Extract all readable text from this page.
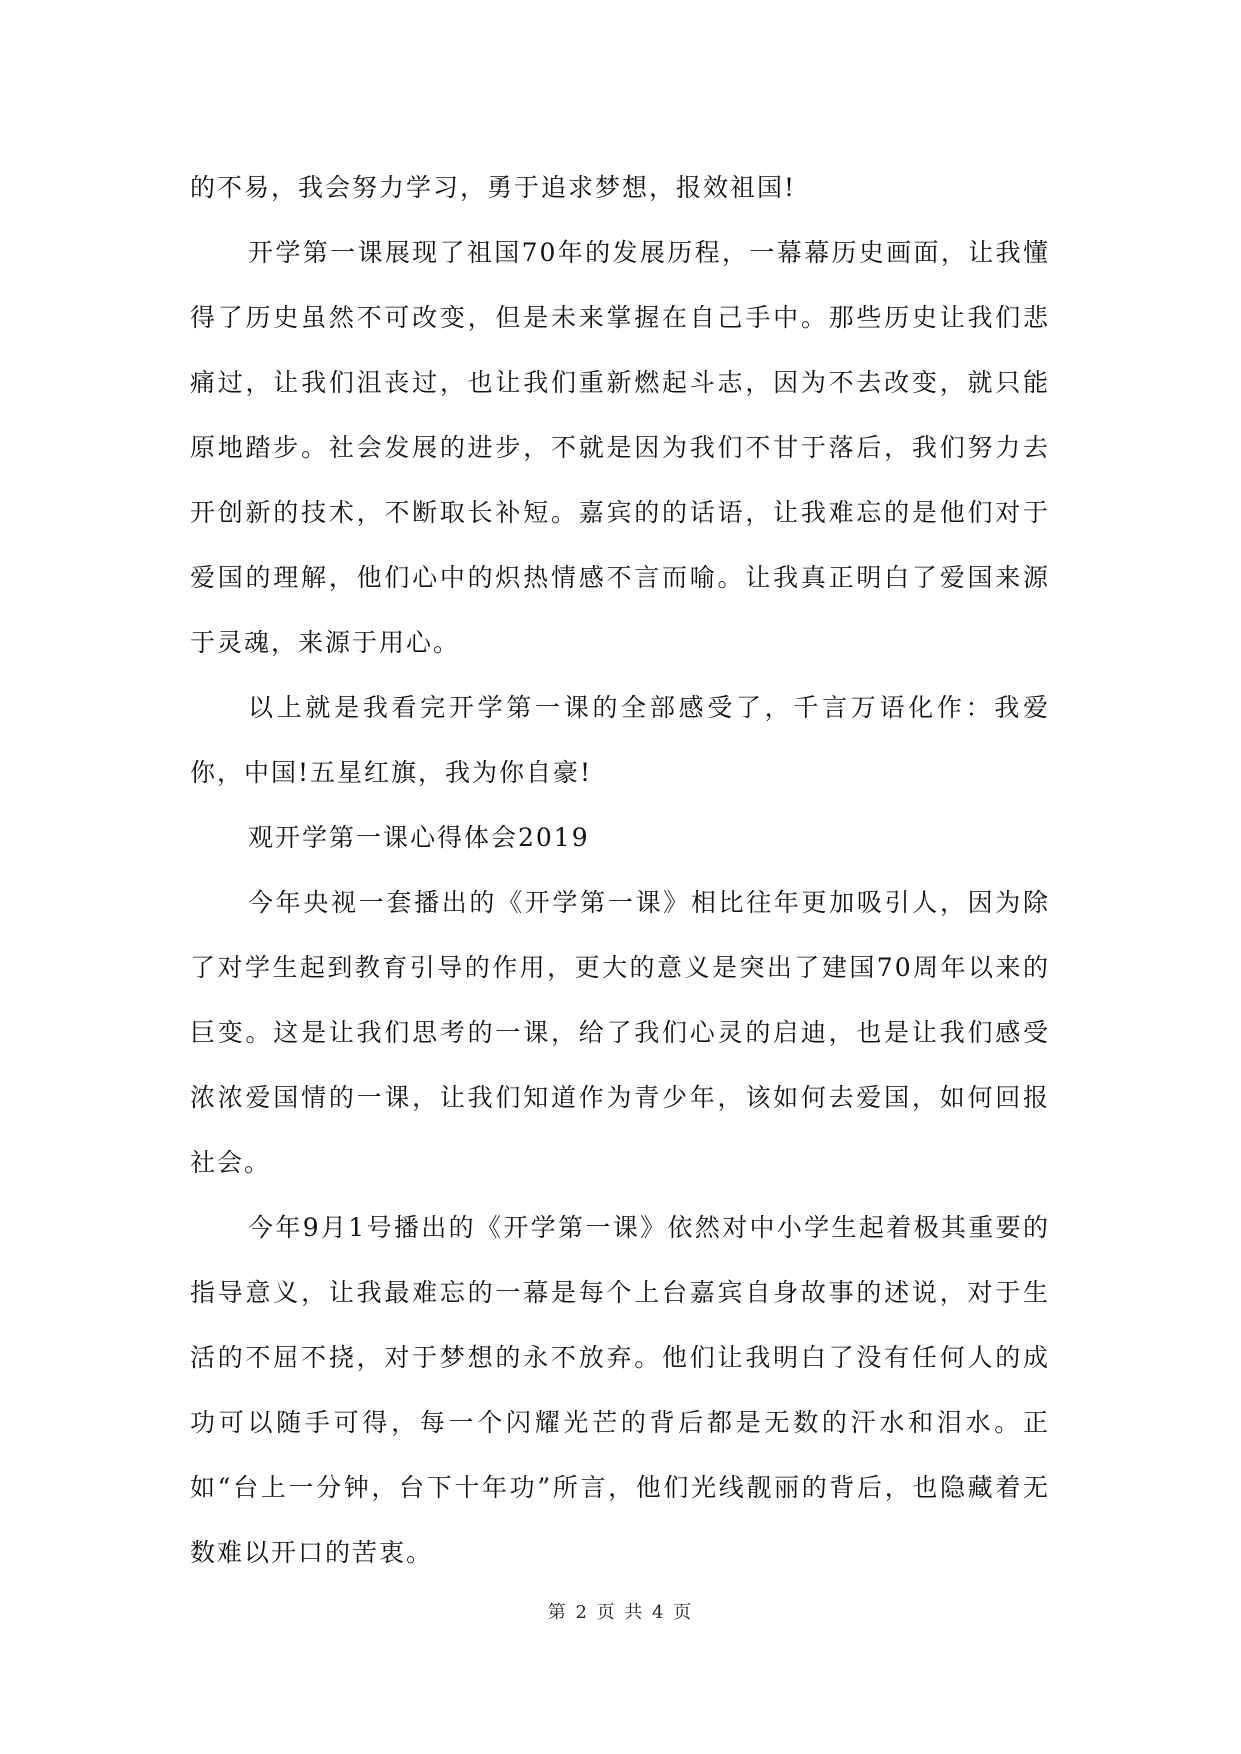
的不易，我会努力学习，勇于追求梦想，报效祖国!

开学第一课展现了祖国70年的发展历程，一幕幕历史画面，让我懂得了历史虽然不可改变，但是未来掌握在自己手中。那些历史让我们悲痛过，让我们沮丧过，也让我们重新燃起斗志，因为不去改变，就只能原地踏步。社会发展的进步，不就是因为我们不甘于落后，我们努力去开创新的技术，不断取长补短。嘉宾的的话语，让我难忘的是他们对于爱国的理解，他们心中的炽热情感不言而喻。让我真正明白了爱国来源于灵魂，来源于用心。

以上就是我看完开学第一课的全部感受了，千言万语化作：我爱你，中国!五星红旗，我为你自豪!

观开学第一课心得体会2019

今年央视一套播出的《开学第一课》相比往年更加吸引人，因为除了对学生起到教育引导的作用，更大的意义是突出了建国70周年以来的巨变。这是让我们思考的一课，给了我们心灵的启迪，也是让我们感受浓浓爱国情的一课，让我们知道作为青少年，该如何去爱国，如何回报社会。

今年9月1号播出的《开学第一课》依然对中小学生起着极其重要的指导意义，让我最难忘的一幕是每个上台嘉宾自身故事的述说，对于生活的不屈不挠，对于梦想的永不放弃。他们让我明白了没有任何人的成功可以随手可得，每一个闪耀光芒的背后都是无数的汗水和泪水。正如“台上一分钟，台下十年功”所言，他们光线靓丽的背后，也隐藏着无数难以开口的苦衷。

第 2 页 共 4 页
